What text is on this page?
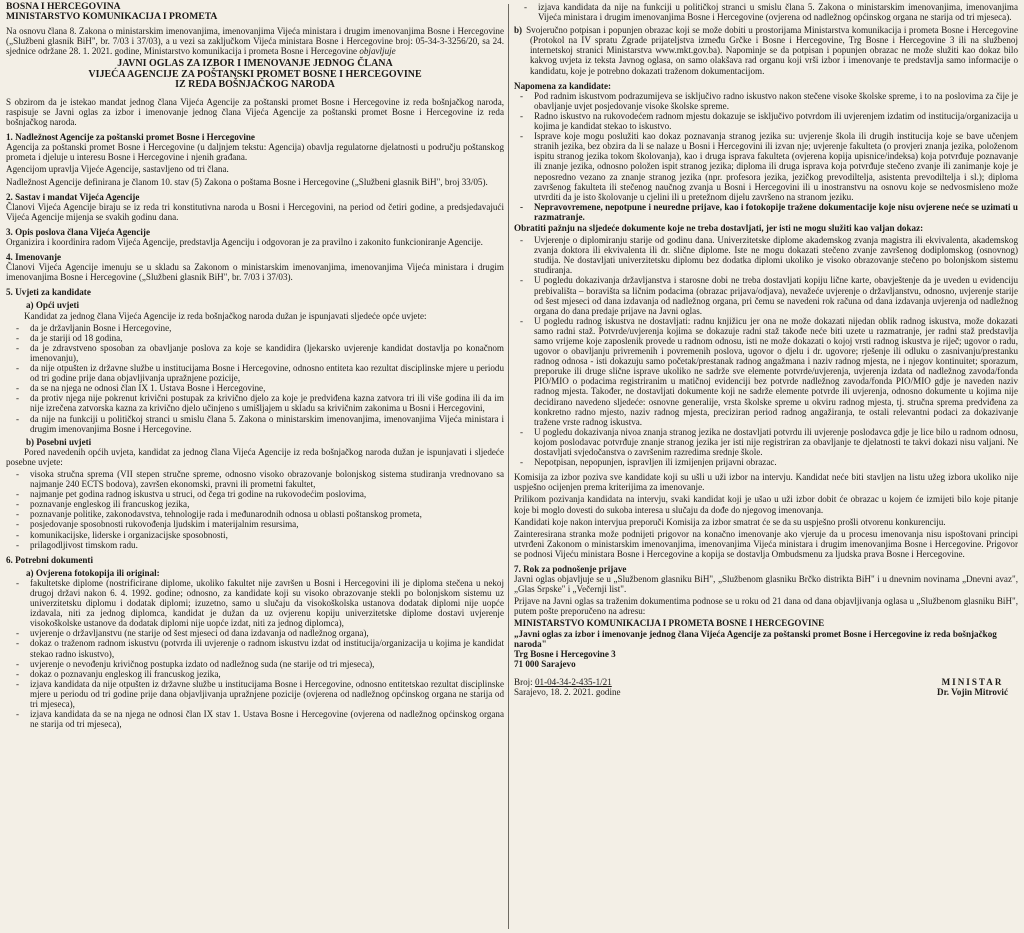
BOSNA I HERCEGOVINA
MINISTARSTVO KOMUNIKACIJA I PROMETA

Na osnovu člana 8. Zakona o ministarskim imenovanjima, imenovanjima Vijeća ministara i drugim imenovanjima Bosne i Hercegovine („Službeni glasnik BiH", br. 7/03 i 37/03), a u vezi sa zaključkom Vijeća ministara Bosne i Hercegovine broj: 05-34-3-3256/20, sa 24. sjednice održane 28. 1. 2021. godine, Ministarstvo komunikacija i prometa Bosne i Hercegovine objavljuje

JAVNI OGLAS ZA IZBOR I IMENOVANJE JEDNOG ČLANA
VIJEĆA AGENCIJE ZA POŠTANSKI PROMET BOSNE I HERCEGOVINE
IZ REDA BOŠNJAČKOG NARODA

S obzirom da je istekao mandat jednog člana Vijeća Agencije za poštanski promet Bosne i Hercegovine iz reda bošnjačkog naroda, raspisuje se Javni oglas za izbor i imenovanje jednog člana Vijeća Agencije za poštanski promet Bosne i Hercegovine iz reda bošnjačkog naroda.

1. Nadležnost Agencije za poštanski promet Bosne i Hercegovine

Agencija za poštanski promet Bosne i Hercegovine (u daljnjem tekstu: Agencija) obavlja regulatorne djelatnosti u području poštanskog prometa i djeluje u interesu Bosne i Hercegovine i njenih građana.

Agencijom upravlja Vijeće Agencije, sastavljeno od tri člana.

Nadležnost Agencije definirana je članom 10. stav (5) Zakona o poštama Bosne i Hercegovine („Službeni glasnik BiH", broj 33/05).

2. Sastav i mandat Vijeća Agencije

Članovi Vijeća Agencije biraju se iz reda tri konstitutivna naroda u Bosni i Hercegovini, na period od četiri godine, a predsjedavajući Vijeća Agencije mijenja se svakih godinu dana.

3. Opis poslova člana Vijeća Agencije

Organizira i koordinira radom Vijeća Agencije, predstavlja Agenciju i odgovoran je za pravilno i zakonito funkcioniranje Agencije.

4. Imenovanje

Članovi Vijeća Agencije imenuju se u skladu sa Zakonom o ministarskim imenovanjima, imenovanjima Vijeća ministara i drugim imenovanjima Bosne i Hercegovine („Službeni glasnik BiH", br. 7/03 i 37/03).

5. Uvjeti za kandidate
a) Opći uvjeti

Kandidat za jednog člana Vijeća Agencije iz reda bošnjačkog naroda dužan je ispunjavati sljedeće opće uvjete:

- da je državljanin Bosne i Hercegovine,
- da je stariji od 18 godina,
- da je zdravstveno sposoban za obavljanje poslova za koje se kandidira (ljekarsko uvjerenje kandidat dostavlja po konačnom imenovanju),
- da nije otpušten iz državne službe u institucijama Bosne i Hercegovine, odnosno entiteta kao rezultat disciplinske mjere u periodu od tri godine prije dana objavljivanja upražnjene pozicije,
- da se na njega ne odnosi član IX 1. Ustava Bosne i Hercegovine,
- da protiv njega nije pokrenut krivični postupak za krivično djelo za koje je predviđena kazna zatvora tri ili više godina ili da im nije izrečena zatvorska kazna za krivično djelo učinjeno s umišljajem u skladu sa krivičnim zakonima u Bosni i Hercegovini,
- da nije na funkciji u političkoj stranci u smislu člana 5. Zakona o ministarskim imenovanjima, imenovanjima Vijeća ministara i drugim imenovanjima Bosne i Hercegovine.
b) Posebni uvjeti

Pored navedenih općih uvjeta, kandidat za jednog člana Vijeća Agencije iz reda bošnjačkog naroda dužan je ispunjavati i sljedeće posebne uvjete:

- visoka stručna sprema (VII stepen stručne spreme, odnosno visoko obrazovanje bolonjskog sistema studiranja vrednovano sa najmanje 240 ECTS bodova), završen ekonomski, pravni ili prometni fakultet,
- najmanje pet godina radnog iskustva u struci, od čega tri godine na rukovodećim poslovima,
- poznavanje engleskog ili francuskog jezika,
- poznavanje politike, zakonodavstva, tehnologije rada i međunarodnih odnosa u oblasti poštanskog prometa,
- posjedovanje sposobnosti rukovođenja ljudskim i materijalnim resursima,
- komunikacijske, liderske i organizacijske sposobnosti,
- prilagodljivost timskom radu.
6. Potrebni dokumenti
a) Ovjerena fotokopija ili original:
- fakultetske diplome (nostrificirane diplome, ukoliko fakultet nije završen u Bosni i Hercegovini ili je diploma stečena u nekoj drugoj državi nakon 6. 4. 1992. godine; odnosno, za kandidate koji su visoko obrazovanje stekli po bolonjskom sistemu uz univerzitetsku diplomu i dodatak diplomi; izuzetno, samo u slučaju da visokoškolska ustanova dodatak diplomi nije uopće izdavala, niti za jednog diplomca, kandidat je dužan da uz ovjerenu kopiju univerzitetske diplome dostavi uvjerenje visokoškolske ustanove da dodatak diplomi nije uopće izdat, niti za jednog diplomca),
- uvjerenje o državljanstvu (ne starije od šest mjeseci od dana izdavanja od nadležnog organa),
- dokaz o traženom radnom iskustvu (potvrda ili uvjerenje o radnom iskustvu izdat od institucija/organizacija u kojima je kandidat stekao radno iskustvo),
- uvjerenje o nevođenju krivičnog postupka izdato od nadležnog suda (ne starije od tri mjeseca),
- dokaz o poznavanju engleskog ili francuskog jezika,
- izjava kandidata da nije otpušten iz državne službe u institucijama Bosne i Hercegovine, odnosno entitetskao rezultat disciplinske mjere u periodu od tri godine prije dana objavljivanja upražnjene pozicije (ovjerena od nadležnog općinskog organa ne starija od tri mjeseca),
- izjava kandidata da se na njega ne odnosi član IX stav 1. Ustava Bosne i Hercegovine (ovjerena od nadležnog općinskog organa ne starija od tri mjeseca),
- izjava kandidata da nije na funkciji u političkoj stranci u smislu člana 5. Zakona o ministarskim imenovanjima, imenovanjima Vijeća ministara i drugim imenovanjima Bosne i Hercegovine (ovjerena od nadležnog općinskog organa ne starija od tri mjeseca).
b) Svojeručno potpisan i popunjen obrazac koji se može dobiti u prostorijama Ministarstva komunikacija i prometa Bosne i Hercegovine (Protokol na IV spratu Zgrade prijateljstva između Grčke i Bosne i Hercegovine, Trg Bosne i Hercegovine 3 ili na službenoj internetskoj stranici Ministarstva www.mkt.gov.ba). Napominje se da potpisan i popunjen obrazac ne može služiti kao dokaz bilo kakvog uvjeta iz teksta Javnog oglasa, on samo olakšava rad organu koji vrši izbor i imenovanje te predstavlja samo informacije o kandidatu, koje je potrebno dokazati traženom dokumentacijom.
Napomena za kandidate:
- Pod radnim iskustvom podrazumijeva se isključivo radno iskustvo nakon stečene visoke školske spreme, i to na poslovima za čije je obavljanje uvjet posjedovanje visoke školske spreme.
- Radno iskustvo na rukovodećem radnom mjestu dokazuje se isključivo potvrdom ili uvjerenjem izdatim od institucija/organizacija u kojima je kandidat stekao to iskustvo.
- Isprave koje mogu poslužiti kao dokaz poznavanja stranog jezika su: uvjerenje škola ili drugih institucija koje se bave učenjem stranih jezika, bez obzira da li se nalaze u Bosni i Hercegovini ili izvan nje; uvjerenje fakulteta (o provjeri znanja jezika, položenom ispitu stranog jezika tokom školovanja), kao i druga isprava fakulteta (ovjerena kopija upisnice/indeksa) koja potvrđuje poznavanje ili znanje jezika, odnosno položen ispit stranog jezika; diploma ili druga isprava koja potvrđuje stečeno zvanje ili zanimanje koje je neposredno vezano za znanje stranog jezika (npr. profesora jezika, jezičkog prevodiltelja, asistenta prevodiltelja i sl.); diploma završenog fakulteta ili stečenog naučnog zvanja u Bosni i Hercegovini ili u inostranstvu na osnovu koje se nedvosmisleno može utvrditi da je isto školovanje u cjelini ili u pretežnom dijelu završeno na stranom jeziku.
- Nepravovremene, nepotpune i neuredne prijave, kao i fotokopije tražene dokumentacije koje nisu ovjerene neće se uzimati u razmatranje.

Obratiti pažnju na sljedeće dokumente koje ne treba dostavljati, jer isti ne mogu služiti kao valjan dokaz:

- Uvjerenje o diplomiranju starije od godinu dana. Univerzitetske diplome akademskog zvanja magistra ili ekvivalenta, akademskog zvanja doktora ili ekvivalenta ili dr. slične diplome. Iste ne mogu dokazati stečeno zvanje završenog dodiplomskog (osnovnog) studija. Ne dostavljati univerzitetsku diplomu bez dodatka diplomi ukoliko je visoko obrazovanje stečeno po bolonjskom sistemu studiranja.
- U pogledu dokazivanja državljanstva i starosne dobi ne treba dostavljati kopiju lične karte, obavještenje da je uveden u evidenciju prebivališta – boravišta sa ličnim podacima (obrazac prijava/odjava), nevažeće uvjerenje o državljanstvu, odnosno, uvjerenje starije od šest mjeseci od dana izdavanja od nadležnog organa, pri čemu se navedeni rok računa od dana izdavanja uvjerenja od nadležnog organa do dana predaje prijave na Javni oglas.
- U pogledu radnog iskustva ne dostavljati: radnu knjižicu jer ona ne može dokazati nijedan oblik radnog iskustva, može dokazati samo radni staž. Potvrde/uvjerenja kojima se dokazuje radni staž takođe neće biti uzete u razmatranje, jer radni staž predstavlja samo vrijeme koje zaposlenik provede u radnom odnosu, isti ne može dokazati o kojoj vrsti radnog iskustva je riječ; ugovor o radu, ugovor o obavljanju privremenih i povremenih poslova, ugovor o djelu i dr. ugovore; rješenje ili odluku o zasnivanju/prestanku radnog odnosa - isti dokazuju samo početak/prestanak radnog angažmana i naziv radnog mjesta, ne i njegov kontinuitet; sporazum, preporuke ili druge slične isprave ukoliko ne sadrže sve elemente potvrde/uvjerenja, uvjerenja izdata od nadležnog zavoda/fonda PIO/MIO o podacima registriranim u matičnoj evidenciji bez potvrde nadležnog zavoda/fonda PIO/MIO gdje je naveden naziv radnog mjesta. Također, ne dostavljati dokumente koji ne sadrže elemente potvrde ili uvjerenja, odnosno dokumente u kojima nije decidirano navedeno sljedeće: osnovne generalije, vrsta školske spreme u okviru radnog mjesta, tj. stručna sprema predviđena za konkretno radno mjesto, naziv radnog mjesta, preciziran period radnog angažiranja, te ostali relevantni podaci za dokazivanje tražene vrste radnog iskustva.
- U pogledu dokazivanja nivoa znanja stranog jezika ne dostavljati potvrdu ili uvjerenje poslodavca gdje je lice bilo u radnom odnosu, kojom poslodavac potvrđuje znanje stranog jezika jer isti nije registriran za obavljanje te djelatnosti te takvi dokazi nisu valjani. Ne dostavljati svjedočanstva o završenim razredima srednje škole.
- Nepotpisan, nepopunjen, ispravljen ili izmijenjen prijavni obrazac.

Komisija za izbor poziva sve kandidate koji su ušli u uži izbor na intervju. Kandidat neće biti stavljen na listu užeg izbora ukoliko nije uspješno ocijenjen prema kriterijima za imenovanje.

Prilikom pozivanja kandidata na intervju, svaki kandidat koji je ušao u uži izbor dobit će obrazac u kojem će izmijeti bilo koje pitanje koje bi moglo dovesti do sukoba interesa u slučaju da dođe do njegovog imenovanja.

Kandidati koje nakon intervjua preporuči Komisija za izbor smatrat će se da su uspješno prošli otvorenu konkurenciju.

Zainteresirana stranka može podnijeti prigovor na konačno imenovanje ako vjeruje da u procesu imenovanja nisu ispoštovani principi utvrđeni Zakonom o ministarskim imenovanjima, imenovanjima Vijeća ministara i drugim imenovanjima Bosne i Hercegovine. Prigovor se podnosi Vijeću ministara Bosne i Hercegovine a kopija se dostavlja Ombudsmenu za ljudska prava Bosne i Hercegovine.

7. Rok za podnošenje prijave

Javni oglas objavljuje se u „Službenom glasniku BiH", „Službenom glasniku Brčko distrikta BiH" i u dnevnim novinama „Dnevni avaz", „Glas Srpske" i „Večernji list".

Prijave na Javni oglas sa traženim dokumentima podnose se u roku od 21 dana od dana objavljivanja oglasa u „Službenom glasniku BiH", putem pošte preporučeno na adresu:

MINISTARSTVO KOMUNIKACIJA I PROMETA BOSNE I HERCEGOVINE
„Javni oglas za izbor i imenovanje jednog člana Vijeća Agencije za poštanski promet Bosne i Hercegovine iz reda bošnjačkog naroda"
Trg Bosne i Hercegovine 3
71 000 Sarajevo
Broj: 01-04-34-2-435-1/21
Sarajevo, 18. 2. 2021. godine
MINISTAR
Dr. Vojin Mitrović
